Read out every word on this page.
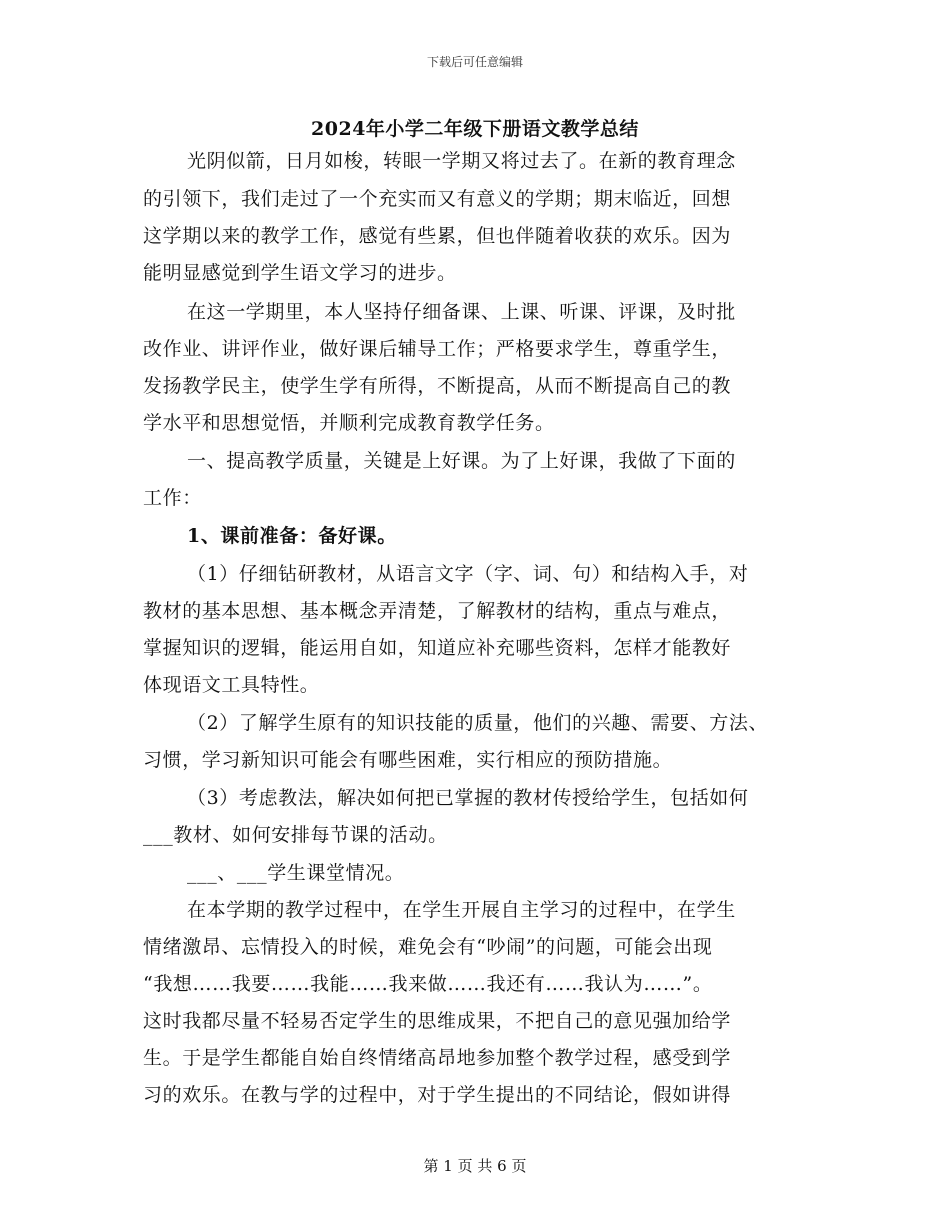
下载后可任意编辑
2024年小学二年级下册语文教学总结
光阴似箭，日月如梭，转眼一学期又将过去了。在新的教育理念
的引领下，我们走过了一个充实而又有意义的学期；期末临近，回想
这学期以来的教学工作，感觉有些累，但也伴随着收获的欢乐。因为
能明显感觉到学生语文学习的进步。
在这一学期里，本人坚持仔细备课、上课、听课、评课，及时批
改作业、讲评作业，做好课后辅导工作；严格要求学生，尊重学生，
发扬教学民主，使学生学有所得，不断提高，从而不断提高自己的教
学水平和思想觉悟，并顺利完成教育教学任务。
一、提高教学质量，关键是上好课。为了上好课，我做了下面的
工作：
1、课前准备：备好课。
（1）仔细钻研教材，从语言文字（字、词、句）和结构入手，对
教材的基本思想、基本概念弄清楚，了解教材的结构，重点与难点，
掌握知识的逻辑，能运用自如，知道应补充哪些资料，怎样才能教好
体现语文工具特性。
（2）了解学生原有的知识技能的质量，他们的兴趣、需要、方法、
习惯，学习新知识可能会有哪些困难，实行相应的预防措施。
（3）考虑教法，解决如何把已掌握的教材传授给学生，包括如何
___教材、如何安排每节课的活动。
___、___学生课堂情况。
在本学期的教学过程中，在学生开展自主学习的过程中，在学生
情绪激昂、忘情投入的时候，难免会有“吵闹”的问题，可能会出现
“我想……我要……我能……我来做……我还有……我认为……”。
这时我都尽量不轻易否定学生的思维成果，不把自己的意见强加给学
生。于是学生都能自始自终情绪高昂地参加整个教学过程，感受到学
习的欢乐。在教与学的过程中，对于学生提出的不同结论，假如讲得
第 1 页 共 6 页
